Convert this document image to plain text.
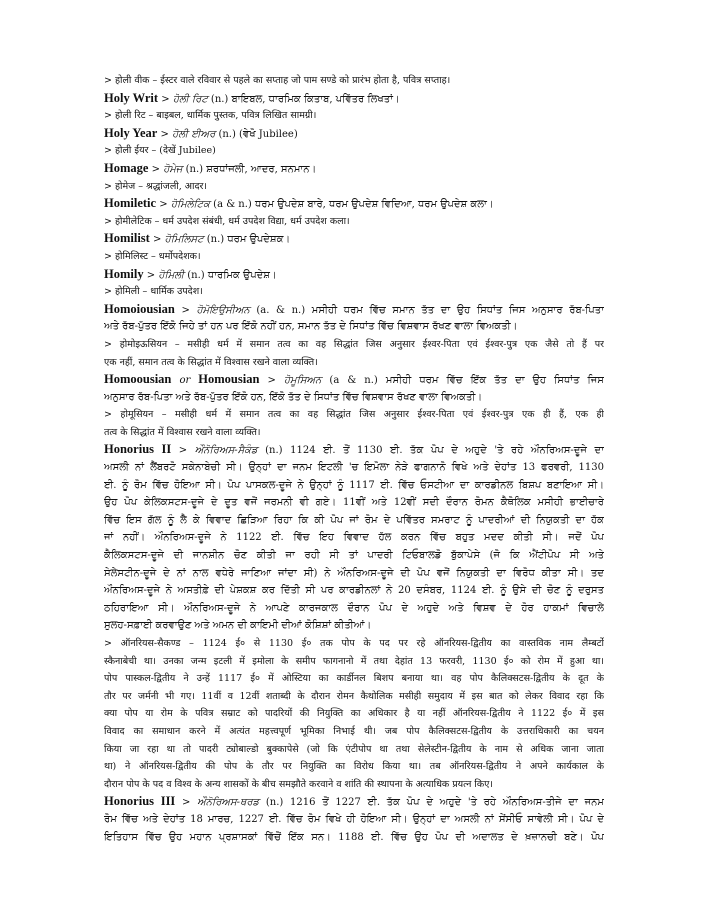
> होली वीक – ईस्टर वाले रविवार से पहले का सप्ताह जो पाम सण्डे को प्रारंभ होता है, पवित्र सप्ताह।
Holy Writ > ਹੋਲੀ ਰਿਟ (n.) ਬਾਇਬਲ, ਧਾਰਮਿਕ ਕਿਤਾਬ, ਪਵਿੱਤਰ ਲਿਖਤਾਂ।
> होली रिट – बाइबल, धार्मिक पुस्तक, पवित्र लिखित सामग्री।
Holy Year > ਹੋਲੀ ਈਅਰ (n.) (ਵੇਖੋ Jubilee)
> होली ईयर – (देखें Jubilee)
Homage > ਹੋਮੇਜ (n.) ਸ਼ਰਧਾਂਜਲੀ, ਆਦਰ, ਸਨਮਾਨ।
> होमेज – श्रद्धांजली, आदर।
Homiletic > ਹੋਮਿਲੇਟਿਕ (a & n.) ਧਰਮ ਉਪਦੇਸ਼ ਬਾਰੇ, ਧਰਮ ਉਪਦੇਸ਼ ਵਿਦਿਆ, ਧਰਮ ਉਪਦੇਸ਼ ਕਲਾ।
> होमीलेटिक – धर्म उपदेश संबंधी, धर्म उपदेश विद्या, धर्म उपदेश कला।
Homilist > ਹੋਮਿਲਿਸਟ (n.) ਧਰਮ ਉਪਦੇਸ਼ਕ।
> होमिलिस्ट – धर्मोपदेशक।
Homily > ਹੋਮਿਲੀ (n.) ਧਾਰਮਿਕ ਉਪਦੇਸ਼।
> होमिली – धार्मिक उपदेश।
Homoiousian > ਹੋਮੋਇਉਸੀਅਨ (a. & n.) ਮਸੀਹੀ ਧਰਮ ਵਿੱਚ ਸਮਾਨ ਤੱਤ ਦਾ ਉਹ ਸਿਧਾਂਤ ਜਿਸ ਅਨੁਸਾਰ ਰੱਬ-ਪਿਤਾ
ਅਤੇ ਰੱਬ-ਪੁੱਤਰ ਇੱਕੋ ਜਿਹੇ ਤਾਂ ਹਨ ਪਰ ਇੱਕੋ ਨਹੀਂ ਹਨ, ਸਮਾਨ ਤੱਤ ਦੇ ਸਿਧਾਂਤ ਵਿੱਚ ਵਿਸ਼ਵਾਸ ਰੱਖਣ ਵਾਲਾ ਵਿਅਕਤੀ।
> होमोइऊसियन – मसीही धर्म में समान तत्व का वह सिद्धांत जिस अनुसार ईश्वर-पिता एवं ईश्वर-पुत्र एक जैसे तो हैं पर
एक नहीं, समान तत्व के सिद्धांत में विश्वास रखने वाला व्यक्ति।
Homoousian or Homousian > ਹੋਮੂਸਿਅਨ (a & n.) ਮਸੀਹੀ ਧਰਮ ਵਿੱਚ ਇੱਕ ਤੱਤ ਦਾ ਉਹ ਸਿਧਾਂਤ ਜਿਸ
ਅਨੁਸਾਰ ਰੱਬ-ਪਿਤਾ ਅਤੇ ਰੱਬ-ਪੁੱਤਰ ਇੱਕੋ ਹਨ, ਇੱਕੋ ਤੱਤ ਦੇ ਸਿਧਾਂਤ ਵਿੱਚ ਵਿਸ਼ਵਾਸ ਰੱਖਣ ਵਾਲਾ ਵਿਅਕਤੀ।
> होमूसियन – मसीही धर्म में समान तत्व का वह सिद्धांत जिस अनुसार ईश्वर-पिता एवं ईश्वर-पुत्र एक ही हैं, एक ही
तत्व के सिद्धांत में विश्वास रखने वाला व्यक्ति।
Honorius II > ਔਨੋਰਿਅਸ-ਸੈਕੰਡ (n.) 1124 ਈ. ਤੋਂ 1130 ਈ. ਤੱਕ ਪੋਪ ਦੇ ਅਹੁਦੇ 'ਤੇ ਰਹੇ ਔਨਰਿਅਸ-ਦੂਜੇ ਦਾ
ਅਸਲੀ ਨਾਂ ਲੈਂਬਰਟੋ ਸਕੇਨਾਬੇਚੀ ਸੀ। ਉਨ੍ਹਾਂ ਦਾ ਜਨਮ ਇਟਲੀ 'ਚ ਇਮੋਲਾ ਨੇੜੇ ਫਾਗਨਾਨੋ ਵਿਖੇ ਅਤੇ ਦੇਹਾਂਤ 13 ਫਰਵਰੀ, 1130
ਈ. ਨੂੰ ਰੋਮ ਵਿੱਚ ਹੋਇਆ ਸੀ। ਪੋਪ ਪਾਸਕਲ-ਦੂਜੇ ਨੇ ਉਨ੍ਹਾਂ ਨੂੰ 1117 ਈ. ਵਿੱਚ ਓਸਟੀਆ ਦਾ ਕਾਰਡੀਨਲ ਬਿਸ਼ਪ ਬਣਾਇਆ ਸੀ।
ਉਹ ਪੋਪ ਕੇਲਿਕਸਟਸ-ਦੂਜੇ ਦੇ ਦੂਤ ਵਜੋਂ ਜਰਮਨੀ ਵੀ ਗਏ। 11ਵੀਂ ਅਤੇ 12ਵੀਂ ਸਦੀ ਦੌਰਾਨ ਰੋਮਨ ਕੈਥੋਲਿਕ ਮਸੀਹੀ ਭਾਈਚਾਰੇ
ਵਿੱਚ ਇਸ ਗੱਲ ਨੂੰ ਲੈ ਕੇ ਵਿਵਾਦ ਛਿੜਿਆ ਰਿਹਾ ਕਿ ਕੀ ਪੋਪ ਜਾਂ ਰੋਮ ਦੇ ਪਵਿੱਤਰ ਸਮਰਾਟ ਨੂੰ ਪਾਦਰੀਆਂ ਦੀ ਨਿਯੁਕਤੀ ਦਾ ਹੱਕ
ਜਾਂ ਨਹੀਂ। ਔਨਰਿਅਸ-ਦੂਜੇ ਨੇ 1122 ਈ. ਵਿੱਚ ਇਹ ਵਿਵਾਦ ਹੱਲ ਕਰਨ ਵਿੱਚ ਬਹੁਤ ਮਦਦ ਕੀਤੀ ਸੀ। ਜਦੋਂ ਪੋਪ
ਕੈਲਿਕਸਟਸ-ਦੂਜੇ ਦੀ ਜਾਨਸ਼ੀਨ ਚੋਣ ਕੀਤੀ ਜਾ ਰਹੀ ਸੀ ਤਾਂ ਪਾਦਰੀ ਟਿਓਬਾਲਡੋ ਬੁੱਕਾਪੇਸੇ (ਜੋ ਕਿ ਐਂਟੀਪੋਪ ਸੀ ਅਤੇ
ਸੇਲੇਸਟੀਨ-ਦੂਜੇ ਦੇ ਨਾਂ ਨਾਲ ਵਧੇਰੇ ਜਾਣਿਆ ਜਾਂਦਾ ਸੀ) ਨੇ ਔਨਰਿਅਸ-ਦੂਜੇ ਦੀ ਪੋਪ ਵਜੋਂ ਨਿਯੁਕਤੀ ਦਾ ਵਿਰੋਧ ਕੀਤਾ ਸੀ। ਤਦ
ਔਨਰਿਅਸ-ਦੂਜੇ ਨੇ ਅਸਤੀਫ਼ੇ ਦੀ ਪੇਸ਼ਕਸ਼ ਕਰ ਦਿੱਤੀ ਸੀ ਪਰ ਕਾਰਡੀਨਲਾਂ ਨੇ 20 ਦਸੰਬਰ, 1124 ਈ. ਨੂੰ ਉਸੇ ਦੀ ਚੋਣ ਨੂੰ ਦਰੁਸਤ
ਠਹਿਰਾਇਆ ਸੀ। ਔਨਰਿਅਸ-ਦੂਜੇ ਨੇ ਆਪਣੇ ਕਾਰਜਕਾਲ ਦੌਰਾਨ ਪੋਪ ਦੇ ਅਹੁਦੇ ਅਤੇ ਵਿਸ਼ਵ ਦੇ ਹੋਰ ਹਾਕਮਾਂ ਵਿਚਾਲੇ
ਸੁਲਹ-ਸਫ਼ਾਈ ਕਰਵਾਉਣ ਅਤੇ ਅਮਨ ਦੀ ਕਾਇਮੀ ਦੀਆਂ ਕੋਸ਼ਿਸ਼ਾਂ ਕੀਤੀਆਂ।
> ऑनरियस-सैकण्ड – 1124 ई० से 1130 ई० तक पोप के पद पर रहे ऑनरियस-द्वितीय का वास्तविक नाम लैम्बर्टो
स्कैनाबेची था। उनका जन्म इटली में इमोला के समीप फागनानो में तथा देहांत 13 फरवरी, 1130 ई० को रोम में हुआ था।
पोप पास्कल-द्वितीय ने उन्हें 1117 ई० में ओस्टिया का कार्डीनल बिशप बनाया था। वह पोप कैलिक्सटस-द्वितीय के दूत के
तौर पर जर्मनी भी गए। 11वीं व 12वीं शताब्दी के दौरान रोमन कैथोलिक मसीही समुदाय में इस बात को लेकर विवाद रहा कि
क्या पोप या रोम के पवित्र सम्राट को पादरियों की नियुक्ति का अधिकार है या नहीं ऑनरियस-द्वितीय ने 1122 ई० में इस
विवाद का समाधान करने में अत्यंत महत्त्वपूर्ण भूमिका निभाई थी। जब पोप कैलिक्सटस-द्वितीय के उत्तराधिकारी का चयन
किया जा रहा था तो पादरी ट्योबाल्डो बुक्कापेसे (जो कि एंटीपोप था तथा सेलेस्टीन-द्वितीय के नाम से अधिक जाना जाता
था) ने ऑनरियस-द्वितीय की पोप के तौर पर नियुक्ति का विरोध किया था। तब ऑनरियस-द्वितीय ने अपने कार्यकाल के
दौरान पोप के पद व विश्व के अन्य शासकों के बीच समझौते करवाने व शांति की स्थापना के अत्याधिक प्रयत्न किए।
Honorius III > ਔਨੋਰਿਅਸ-ਥਰਡ (n.) 1216 ਤੋਂ 1227 ਈ. ਤੱਕ ਪੋਪ ਦੇ ਅਹੁਦੇ 'ਤੇ ਰਹੇ ਔਨਰਿਅਸ-ਤੀਜੇ ਦਾ ਜਨਮ
ਰੋਮ ਵਿੱਚ ਅਤੇ ਦੇਹਾਂਤ 18 ਮਾਰਚ, 1227 ਈ. ਵਿੱਚ ਰੋਮ ਵਿਖੇ ਹੀ ਹੋਇਆ ਸੀ। ਉਨ੍ਹਾਂ ਦਾ ਅਸਲੀ ਨਾਂ ਸੇਂਸੀਓ ਸਾਵੇਲੀ ਸੀ। ਪੋਪ ਦੇ
ਇਤਿਹਾਸ ਵਿੱਚ ਉਹ ਮਹਾਨ ਪ੍ਰਸ਼ਾਸਕਾਂ ਵਿੱਚੋਂ ਇੱਕ ਸਨ। 1188 ਈ. ਵਿੱਚ ਉਹ ਪੋਪ ਦੀ ਅਦਾਲਤ ਦੇ ਖ਼ਜ਼ਾਨਚੀ ਬਣੇ। ਪੋਪ
